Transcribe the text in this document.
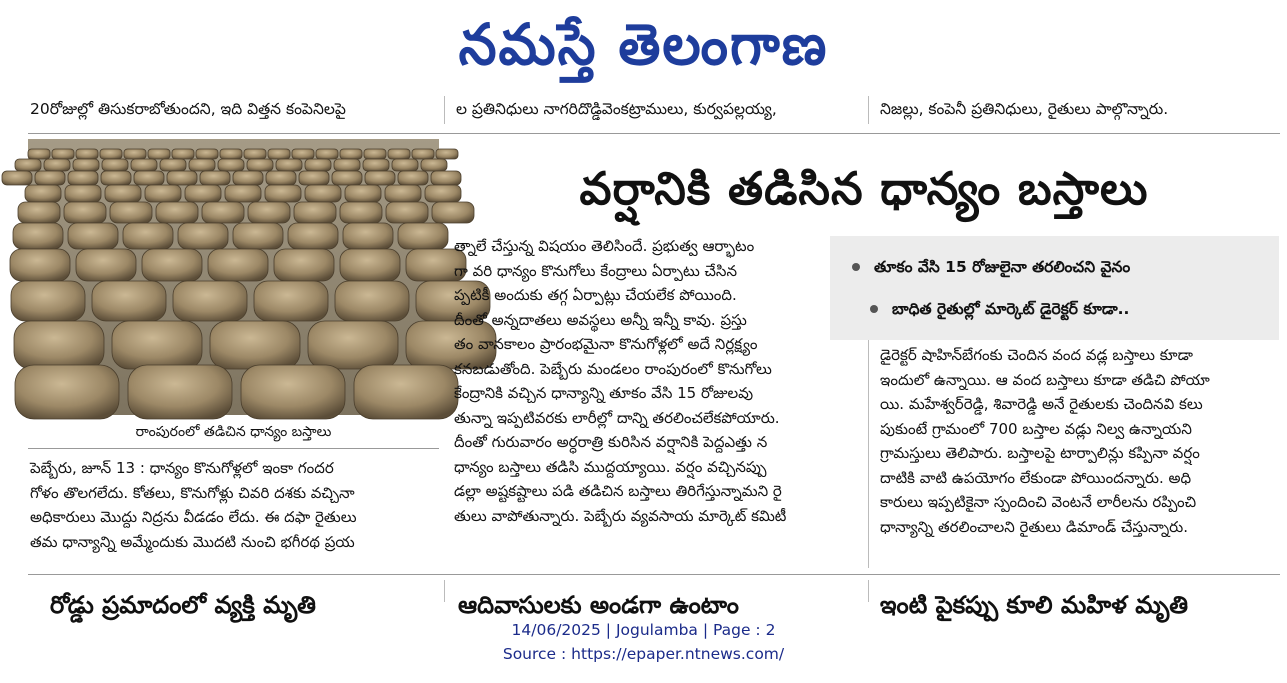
నమస్తే తెలంగాణ
20రోజుల్లో తిసుకరాబోతుందని, ఇది విత్తన కంపెనిలపై	ల ప్రతినిధులు నాగరిదొడ్డివెంకట్రాములు, కుర్వపల్లయ్య,	నిజల్లు, కంపెనీ ప్రతినిధులు, రైతులు పాల్గొన్నారు.
రాంపురంలో తడిచిన ధాన్యం బస్తాలు
పెబ్బేరు, జూన్ 13 : ధాన్యం కొనుగోళ్లలో ఇంకా గందర
గోళం తొలగలేదు. కోతలు, కొనుగోళ్లు చివరి దశకు వచ్చినా
అధికారులు మొద్దు నిద్రను వీడడం లేదు. ఈ దఫా రైతులు
తమ ధాన్యాన్ని అమ్మేందుకు మొదటి నుంచి భగీరథ ప్రయ
వర్షానికి తడిసిన ధాన్యం బస్తాలు
త్నాలే చేస్తున్న విషయం తెలిసిందే. ప్రభుత్వ ఆర్భాటం
గా వరి ధాన్యం కొనుగోలు కేంద్రాలు ఏర్పాటు చేసిన
ప్పటికీ అందుకు తగ్గ ఏర్పాట్లు చేయలేక పోయింది.
దీంతో అన్నదాతలు అవస్థలు అన్నీ ఇన్నీ కావు. ప్రస్తు
తం వానకాలం ప్రారంభమైనా కొనుగోళ్లలో అదే నిర్లక్ష్యం
కనబడుతోంది. పెబ్బేరు మండలం రాంపురంలో కొనుగోలు
కేంద్రానికి వచ్చిన ధాన్యాన్ని తూకం వేసి 15 రోజులవు
తున్నా ఇప్పటివరకు లారీల్లో దాన్ని తరలించలేకపోయారు.
దీంతో గురువారం అర్ధరాత్రి కురిసిన వర్షానికి పెద్దఎత్తు న
ధాన్యం బస్తాలు తడిసి ముద్దయ్యాయి. వర్షం వచ్చినప్పు
డల్లా అష్టకష్టాలు పడి తడిచిన బస్తాలు తిరిగేస్తున్నామని రై
తులు వాపోతున్నారు. పెబ్బేరు వ్యవసాయ మార్కెట్ కమిటీ
తూకం వేసి 15 రోజులైనా తరలించని వైనం
బాధిత రైతుల్లో మార్కెట్ డైరెక్టర్ కూడా..
డైరెక్టర్ షాహిన్‌బేగంకు చెందిన వంద వడ్ల బస్తాలు కూడా
ఇందులో ఉన్నాయి. ఆ వంద బస్తాలు కూడా తడిచి పోయా
యి. మహేశ్వర్‌రెడ్డి, శివారెడ్డి అనే రైతులకు చెందినవి కలు
పుకుంటే గ్రామంలో 700 బస్తాల వడ్లు నిల్వ ఉన్నాయని
గ్రామస్తులు తెలిపారు. బస్తాలపై టార్పాలిన్లు కప్పినా వర్షం
దాటికి వాటి ఉపయోగం లేకుండా పోయిందన్నారు. అధి
కారులు ఇప్పటికైనా స్పందించి వెంటనే లారీలను రప్పించి
ధాన్యాన్ని తరలించాలని రైతులు డిమాండ్ చేస్తున్నారు.
రోడ్డు ప్రమాదంలో వ్యక్తి మృతి	ఆదివాసులకు అండగా ఉంటాం	ఇంటి పైకప్పు కూలి మహిళ మృతి
14/06/2025 | Jogulamba | Page : 2
Source : https://epaper.ntnews.com/
